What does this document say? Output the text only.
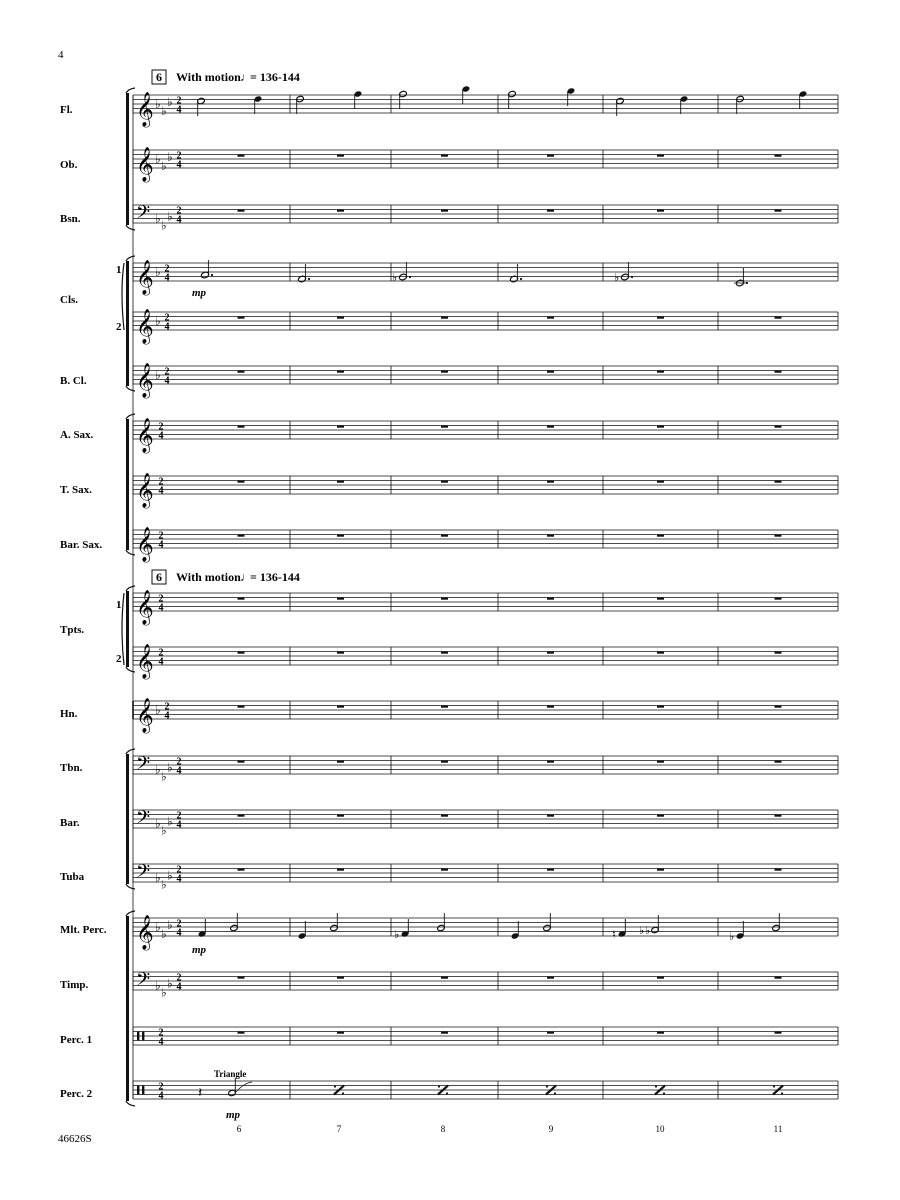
4
46626S
6 With motion ♩
= 136-144
6 With motion ♩
= 136-144
Fl.
Ob.
Bsn.
Cls.
1
2
B. Cl.
A. Sax.
T. Sax.
Bar. Sax.
1
Tpts.
2
Hn.
Tbn.
Bar.
Tuba
Mlt. Perc.
Timp.
Perc. 1
Perc. 2
𝄞 ♭ ♭
♭ 2
4
𝄞 ♭ ♭
♭ 2
4
𝄢 ♭ ♭
♭ 2
4
𝄞 ♭ 2
4
𝄞 ♭ 2
4
𝄞 ♭ 2
4
𝄞 2
4
𝄞 2
4
𝄞 2
4
𝄞 2
4
𝄞 2
4
𝄞 ♭ 2
4
𝄢 ♭ ♭
♭ 2
4
𝄢 ♭ ♭
♭ 2
4
𝄢 ♭ ♭
♭ 2
4
𝄞 ♭ ♭
♭ 2
4
𝄢 ♭ ♭
♭ 2
4
2
4
2
4
♭	♭
♭	♮ ♭ ♭	♭
𝄽
mp
mp
mp
Triangle
6	7	8	9	10	11
